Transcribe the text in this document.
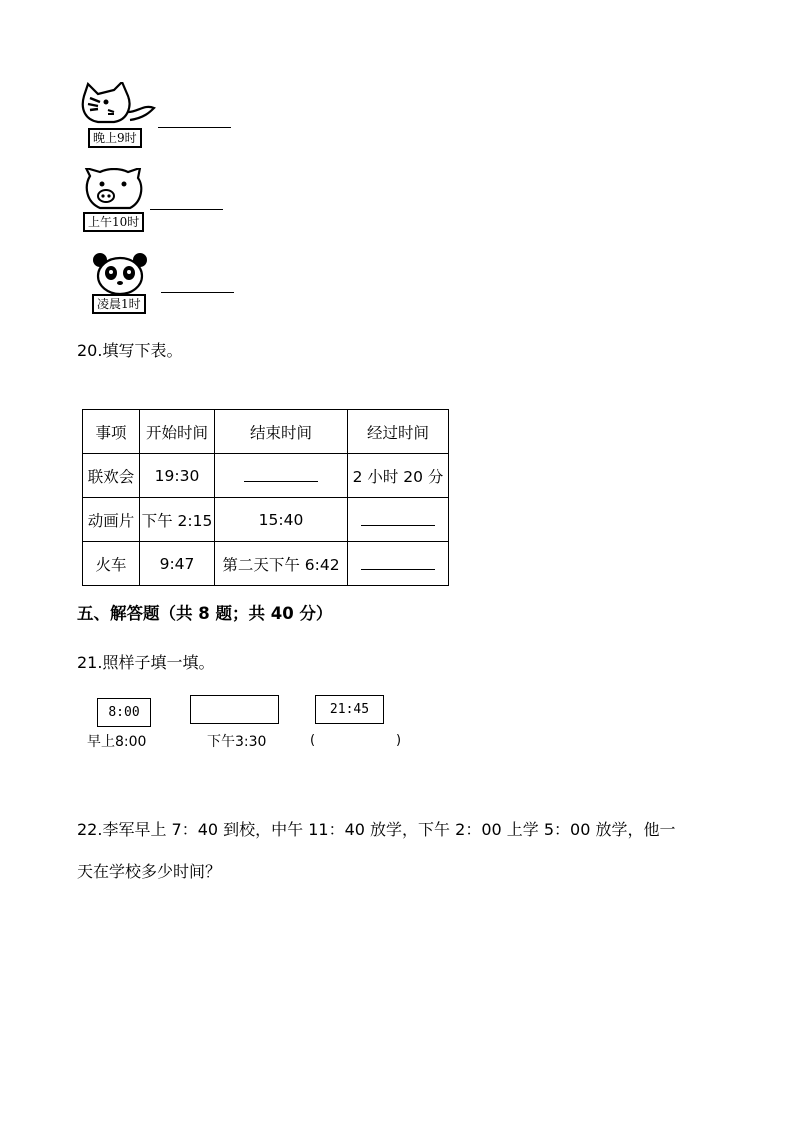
晚上9时
上午10时
凌晨1时
20.填写下表。
事项	开始时间	结束时间	经过时间
联欢会	19:30		2 小时 20 分
动画片	下午 2:15	15:40	
火车	9:47	第二天下午 6:42	
五、解答题（共 8 题；共 40 分）
21.照样子填一填。
8:00	21:45
早上8:00	下午3:30	(	)
22.李军早上 7：40 到校，中午 11：40 放学，下午 2：00 上学 5：00 放学，他一
天在学校多少时间？
